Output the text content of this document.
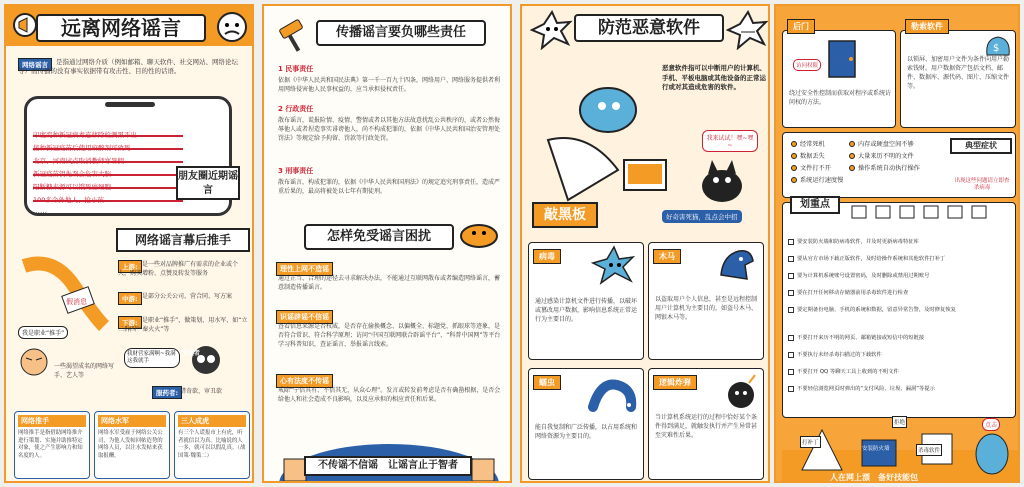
远离网络谣言
网络谣言	是指通过网络介质（例如邮箱、聊天软件、社交网站、网络论坛等）而传播的没有事实依据带有攻击性、目的性的话语。
……
朋友圈近期谣言
网络谣言幕后推手
假消息
上游: 是一些对品牌推广有需求的企业或个人，购买增粉、点赞及转发等服务
中游: 是部分公关公司、营合同、写方案
下游: 是职业“推手”，做策划、用水军，如“立二拆四”“秦火火”等
我是职业“推手”
我财营家满啊~我满这我就手
宣读者
一些渴望成名的网络写手、艺人等
服药者: 猎奇欲、审丑欲
网络推手
网络推手是指借助网络推介进行策划、实施并助推特定对象，使之产生影响力和知名度的人。
网络水军
网络水军受雇于网络公关公司，为他人发帖回帖造势的网络人员，以注水发帖来获取报酬。
三人成虎
有三个人谎报市上有虎，听者就信以为真。比喻说的人一多，就可以以假乱真。（战国策·魏策二）
传播谣言要负哪些责任
1 民事责任
依据《中华人民共和国民法典》第一千一百九十四条，网络用户、网络服务提供者利用网络侵害他人民事权益的，应当承担侵权责任。
2 行政责任
散布谣言，谎报险情、疫情、警情或者以其他方法故意扰乱公共秩序的，或者公然侮辱他人或者捏造事实诽谤他人，尚不构成犯罪的，依据《中华人民共和国治安管理处罚法》等规定给予拘留、罚款等行政处罚。
3 刑事责任
散布谣言，构成犯罪的，依据《中华人民共和国刑法》的规定追究刑事责任，造成严重后果的，最高将被处以七年有期徒刑。
怎样免受谣言困扰
理性上网不造谣
通过正当、合理的途径去寻求解决办法，不能通过互联网散布或者编造网络谣言，蓄意制造传播谣言。
识谣辟谣不信谣
查看信息来源是否权威，是否存在偷换概念、以偏概全、标题党、抓眼球等迹象，是否符合常识、符合科学原理；访问“中国互联网联合辟谣平台”、“科普中国网”等平台学习科普知识，查证谣言、举报谣言线索。
心有法度不传谣
戒除“宁信其有、不信其无，从众心理”。发言或转发前考虑是否有确凿根据，是否会给他人和社会造成不良影响，以及应承担的相应责任和后果。
不传谣不信谣　让谣言止于智者
防范恶意软件
恶意软件指可以中断用户的计算机、手机、平板电脑或其他设备的正常运行或对其造成危害的软件。
我来试试！嘿~嘿~
好奇害死猫，乱点会中招
敲黑板
病毒
通过感染计算机文件进行传播，以破坏或篡改用户数据，影响信息系统正常运行为主要目的。
木马
以盗取用户个人信息，甚至是远程控制用户计算机为主要目的，如盗号木马、网银木马等。
蠕虫
能自我复制和广泛传播，以占用系统和网络资源为主要目的。
逻辑炸弹
当计算机系统运行的过程中恰好某个条件得到满足，就触发执行并产生异常甚至灾难性后果。
后门
访问权限
绕过安全性控制而获取对程序或系统访问权的方法。
勒索软件
$
以锁屏、加密用户文件为条件向用户勒索钱财。用户数据资产包括文档、邮件、数据库、源代码、图片、压缩文件等。
经常死机
数据丢失
文件打不开
系统运行速度慢
内存或硬盘空间不够
大量来历不明的文件
操作系统自动执行操作
典型症状
出现这些问题请立即查杀病毒
划重点
要安装防火墙和防病毒软件，并及时更新病毒特征库
要从官方市场下载正版软件，及时给操作系统和其他软件打补丁
要为计算机系统账号设置密码，及时删除或禁用过期账号
要在打开任何移动存储器前用杀毒软件进行检查
要定期备份电脑、手机的系统和数据，留意异常告警，及时修复恢复
不要打开来历不明的网页、邮箱链接或短信中的短链接
不要执行未经杀毒扫描过的下载软件
不要打开 QQ 等聊天工具上收到的不明文件
不要轻信浏览网页时弹出的“支付风险、垃圾、漏洞”等提示
打补丁
安装防火墙	杀毒软件
拒绝	点击
人在网上漂　备好技能包
